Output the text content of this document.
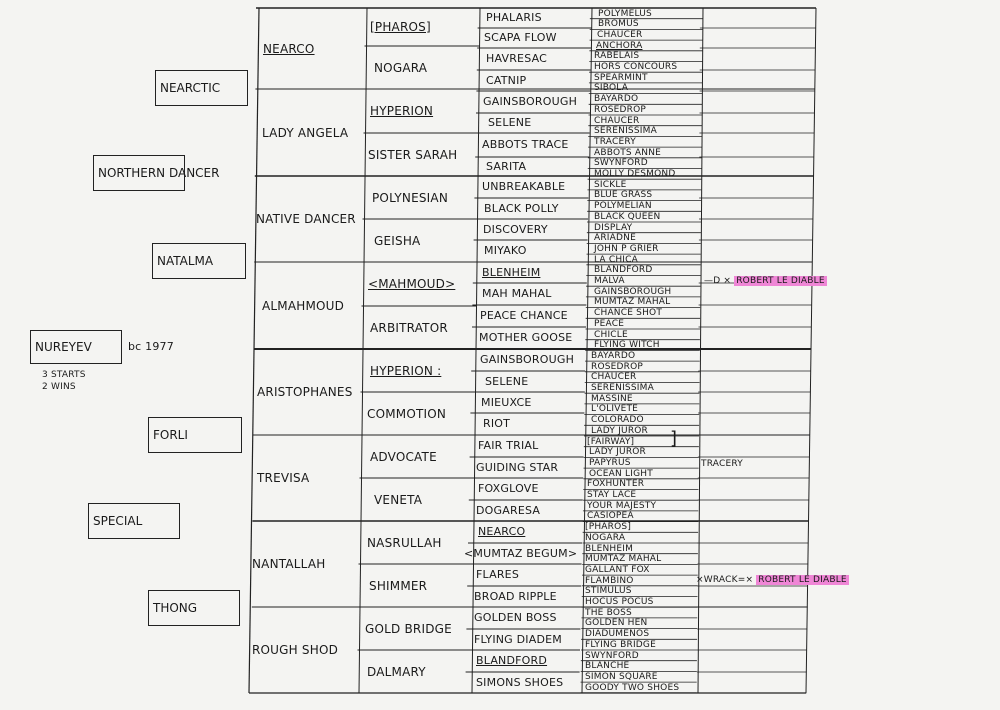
NUREYEV	bc 1977
3 STARTS
2 WINS
NORTHERN DANCER
SPECIAL
NEARCTIC
NATALMA
FORLI
THONG
NEARCO
LADY ANGELA
NATIVE DANCER
ALMAHMOUD
ARISTOPHANES
TREVISA
NANTALLAH
ROUGH SHOD
[PHAROS]
NOGARA
HYPERION
SISTER SARAH
POLYNESIAN
GEISHA
<MAHMOUD>
ARBITRATOR
HYPERION :
COMMOTION
ADVOCATE
VENETA
NASRULLAH
SHIMMER
GOLD BRIDGE
DALMARY
PHALARIS
SCAPA FLOW
HAVRESAC
CATNIP
GAINSBOROUGH
SELENE
ABBOTS TRACE
SARITA
UNBREAKABLE
BLACK POLLY
DISCOVERY
MIYAKO
BLENHEIM
MAH MAHAL
PEACE CHANCE
MOTHER GOOSE
GAINSBOROUGH
SELENE
MIEUXCE
RIOT
FAIR TRIAL
GUIDING STAR
FOXGLOVE
DOGARESA
NEARCO
<MUMTAZ BEGUM>
FLARES
BROAD RIPPLE
GOLDEN BOSS
FLYING DIADEM
BLANDFORD
SIMONS SHOES
POLYMELUS
BROMUS
CHAUCER
ANCHORA
RABELAIS
HORS CONCOURS
SPEARMINT
SIBOLA
BAYARDO
ROSEDROP
CHAUCER
SERENISSIMA
TRACERY
ABBOTS ANNE
SWYNFORD
MOLLY DESMOND
SICKLE
BLUE GRASS
POLYMELIAN
BLACK QUEEN
DISPLAY
ARIADNE
JOHN P GRIER
LA CHICA
BLANDFORD
MALVA
GAINSBOROUGH
MUMTAZ MAHAL
CHANCE SHOT
PEACE
CHICLE
FLYING WITCH
BAYARDO
ROSEDROP
CHAUCER
SERENISSIMA
MASSINE
L'OLIVETE
COLORADO
LADY JUROR
[FAIRWAY]
LADY JUROR
PAPYRUS
OCEAN LIGHT
FOXHUNTER
STAY LACE
YOUR MAJESTY
CASIOPEA
[PHAROS]
NOGARA
BLENHEIM
MUMTAZ MAHAL
GALLANT FOX
FLAMBINO
STIMULUS
HOCUS POCUS
THE BOSS
GOLDEN HEN
DIADUMENOS
FLYING BRIDGE
SWYNFORD
BLANCHE
SIMON SQUARE
GOODY TWO SHOES
—D × ROBERT LE DIABLE
×WRACK=× ROBERT LE DIABLE
TRACERY
]
